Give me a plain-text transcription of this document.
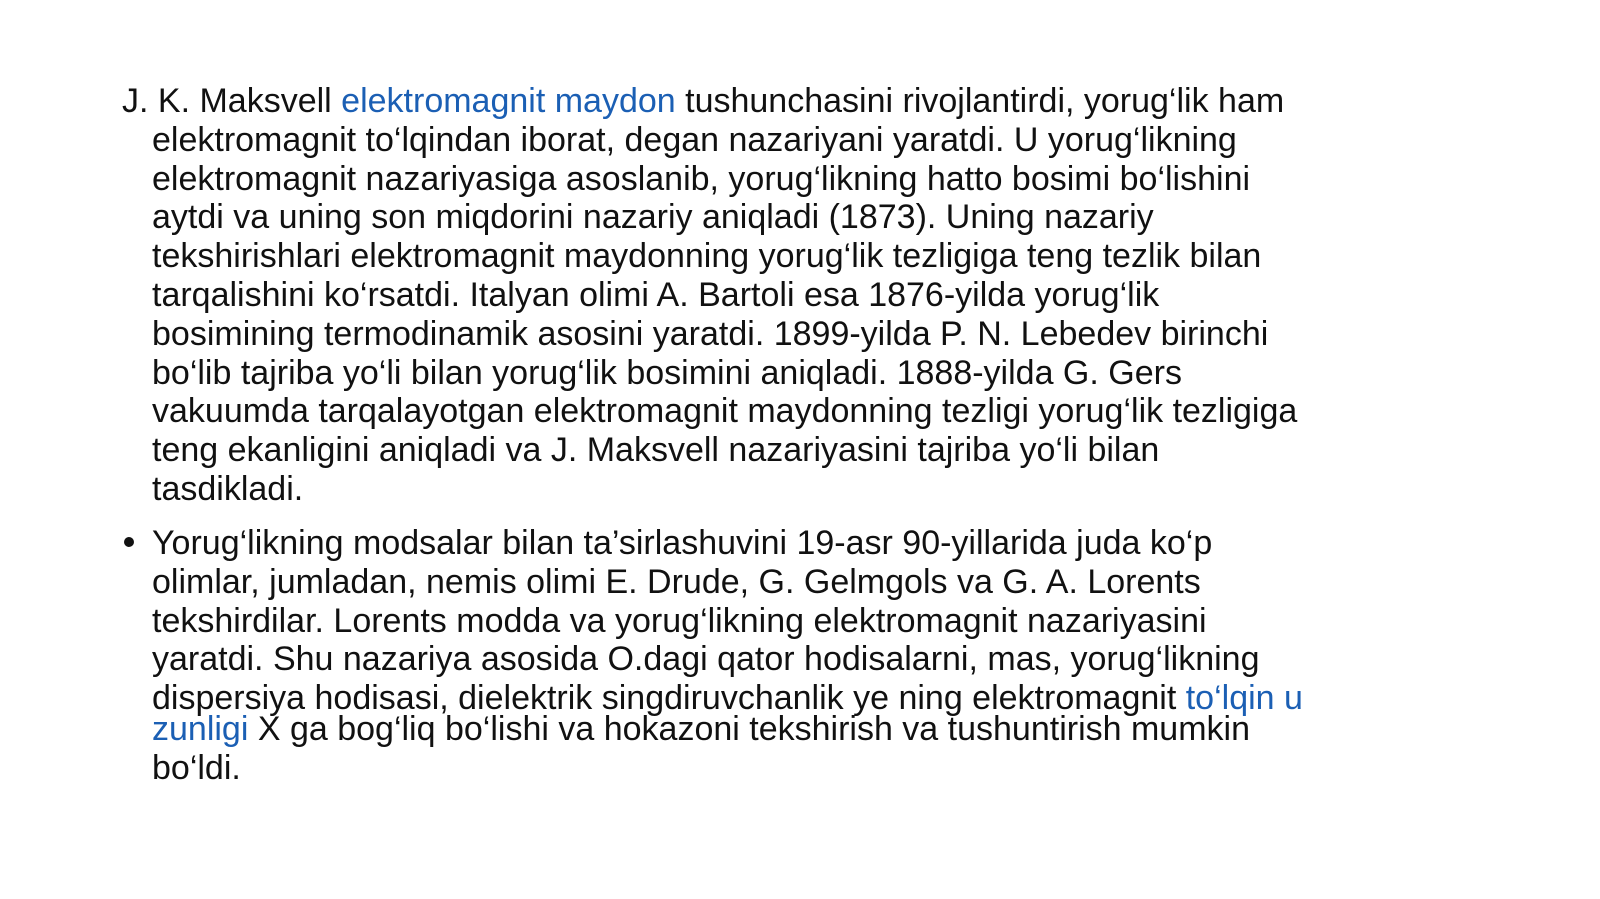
J. K. Maksvell elektromagnit maydon tushunchasini rivojlantirdi, yorug‘lik ham
elektromagnit to‘lqindan iborat, degan nazariyani yaratdi. U yorug‘likning
elektromagnit nazariyasiga asoslanib, yorug‘likning hatto bosimi bo‘lishini
aytdi va uning son miqdorini nazariy aniqladi (1873). Uning nazariy
tekshirishlari elektromagnit maydonning yorug‘lik tezligiga teng tezlik bilan
tarqalishini ko‘rsatdi. Italyan olimi A. Bartoli esa 1876-yilda yorug‘lik
bosimining termodinamik asosini yaratdi. 1899-yilda P. N. Lebedev birinchi
bo‘lib tajriba yo‘li bilan yorug‘lik bosimini aniqladi. 1888-yilda G. Gers
vakuumda tarqalayotgan elektromagnit maydonning tezligi yorug‘lik tezligiga
teng ekanligini aniqladi va J. Maksvell nazariyasini tajriba yo‘li bilan
tasdikladi.
Yorug‘likning modsalar bilan ta’sirlashuvini 19-asr 90-yillarida juda ko‘p
olimlar, jumladan, nemis olimi E. Drude, G. Gelmgols va G. A. Lorents
tekshirdilar. Lorents modda va yorug‘likning elektromagnit nazariyasini
yaratdi. Shu nazariya asosida O.dagi qator hodisalarni, mas, yorug‘likning
dispersiya hodisasi, dielektrik singdiruvchanlik ye ning elektromagnit to‘lqin u
zunligi X ga bog‘liq bo‘lishi va hokazoni tekshirish va tushuntirish mumkin
bo‘ldi.
